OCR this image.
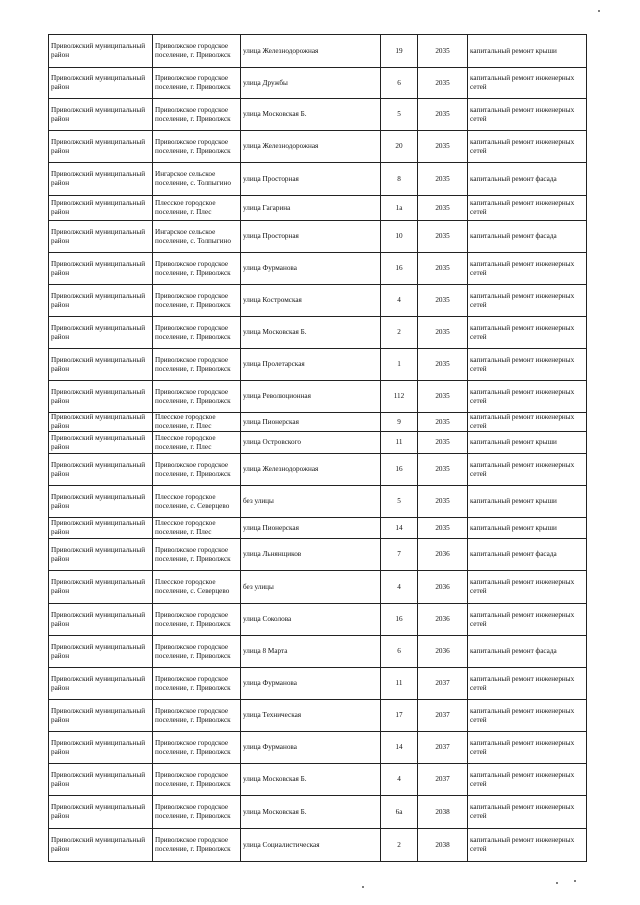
Приволжский муниципальный район	Приволжское городское поселение, г. Приволжск	улица Железнодорожная	19	2035	капитальный ремонт крыши
Приволжский муниципальный район	Приволжское городское поселение, г. Приволжск	улица Дружбы	6	2035	капитальный ремонт инженерных сетей
Приволжский муниципальный район	Приволжское городское поселение, г. Приволжск	улица Московская Б.	5	2035	капитальный ремонт инженерных сетей
Приволжский муниципальный район	Приволжское городское поселение, г. Приволжск	улица Железнодорожная	20	2035	капитальный ремонт инженерных сетей
Приволжский муниципальный район	Ингарское сельское поселение, с. Толпыгино	улица Просторная	8	2035	капитальный ремонт фасада
Приволжский муниципальный район	Плесское городское поселение, г. Плес	улица Гагарина	1а	2035	капитальный ремонт инженерных сетей
Приволжский муниципальный район	Ингарское сельское поселение, с. Толпыгино	улица Просторная	10	2035	капитальный ремонт фасада
Приволжский муниципальный район	Приволжское городское поселение, г. Приволжск	улица Фурманова	16	2035	капитальный ремонт инженерных сетей
Приволжский муниципальный район	Приволжское городское поселение, г. Приволжск	улица Костромская	4	2035	капитальный ремонт инженерных сетей
Приволжский муниципальный район	Приволжское городское поселение, г. Приволжск	улица Московская Б.	2	2035	капитальный ремонт инженерных сетей
Приволжский муниципальный район	Приволжское городское поселение, г. Приволжск	улица Пролетарская	1	2035	капитальный ремонт инженерных сетей
Приволжский муниципальный район	Приволжское городское поселение, г. Приволжск	улица Революционная	112	2035	капитальный ремонт инженерных сетей
Приволжский муниципальный район	Плесское городское поселение, г. Плес	улица Пионерская	9	2035	капитальный ремонт инженерных сетей
Приволжский муниципальный район	Плесское городское поселение, г. Плес	улица Островского	11	2035	капитальный ремонт крыши
Приволжский муниципальный район	Приволжское городское поселение, г. Приволжск	улица Железнодорожная	16	2035	капитальный ремонт инженерных сетей
Приволжский муниципальный район	Плесское городское поселение, с. Северцево	без улицы	5	2035	капитальный ремонт крыши
Приволжский муниципальный район	Плесское городское поселение, г. Плес	улица Пионерская	14	2035	капитальный ремонт крыши
Приволжский муниципальный район	Приволжское городское поселение, г. Приволжск	улица Льнянщиков	7	2036	капитальный ремонт фасада
Приволжский муниципальный район	Плесское городское поселение, с. Северцево	без улицы	4	2036	капитальный ремонт инженерных сетей
Приволжский муниципальный район	Приволжское городское поселение, г. Приволжск	улица Соколова	16	2036	капитальный ремонт инженерных сетей
Приволжский муниципальный район	Приволжское городское поселение, г. Приволжск	улица 8 Марта	6	2036	капитальный ремонт фасада
Приволжский муниципальный район	Приволжское городское поселение, г. Приволжск	улица Фурманова	11	2037	капитальный ремонт инженерных сетей
Приволжский муниципальный район	Приволжское городское поселение, г. Приволжск	улица Техническая	17	2037	капитальный ремонт инженерных сетей
Приволжский муниципальный район	Приволжское городское поселение, г. Приволжск	улица Фурманова	14	2037	капитальный ремонт инженерных сетей
Приволжский муниципальный район	Приволжское городское поселение, г. Приволжск	улица Московская Б.	4	2037	капитальный ремонт инженерных сетей
Приволжский муниципальный район	Приволжское городское поселение, г. Приволжск	улица Московская Б.	6а	2038	капитальный ремонт инженерных сетей
Приволжский муниципальный район	Приволжское городское поселение, г. Приволжск	улица Социалистическая	2	2038	капитальный ремонт инженерных сетей
